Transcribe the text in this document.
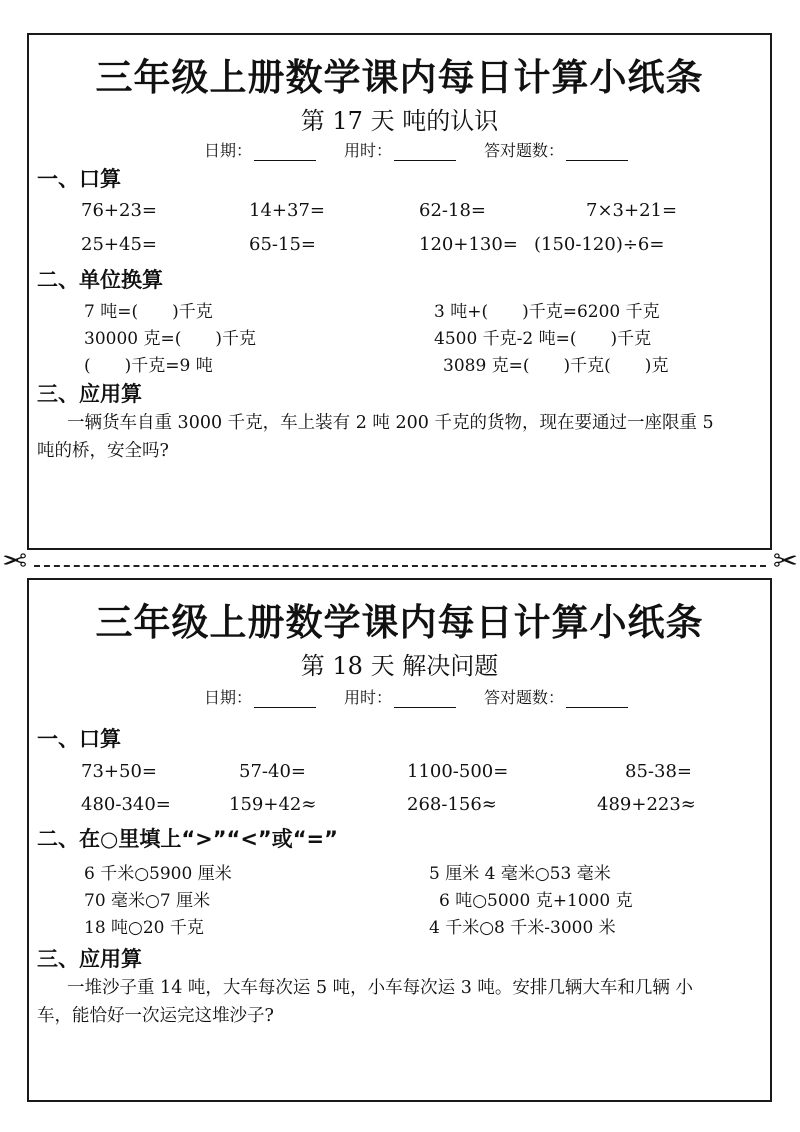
三年级上册数学课内每日计算小纸条
第 17 天 吨的认识
日期：	用时：	答对题数：
一、口算
76+23=	14+37=	62-18=	7×3+21=
25+45=	65-15=	120+130= (150-120)÷6=
二、单位换算
7 吨=(　　)千克	3 吨+(　　)千克=6200 千克
30000 克=(　　)千克	4500 千克-2 吨=(　　)千克
(　　)千克=9 吨	3089 克=(　　)千克(　　)克
三、应用算
一辆货车自重 3000 千克，车上装有 2 吨 200 千克的货物，现在要通过一座限重 5 吨的桥，安全吗?
✂	✂
三年级上册数学课内每日计算小纸条
第 18 天 解决问题
日期：	用时：	答对题数：
一、口算
73+50=	57-40=	1100-500=	85-38=
480-340=	159+42≈	268-156≈	489+223≈
二、在○里填上“>”“<”或“=”
6 千米○5900 厘米	5 厘米 4 毫米○53 毫米
70 毫米○7 厘米	6 吨○5000 克+1000 克
18 吨○20 千克	4 千米○8 千米-3000 米
三、应用算
一堆沙子重 14 吨，大车每次运 5 吨，小车每次运 3 吨。安排几辆大车和几辆 小车，能恰好一次运完这堆沙子?
